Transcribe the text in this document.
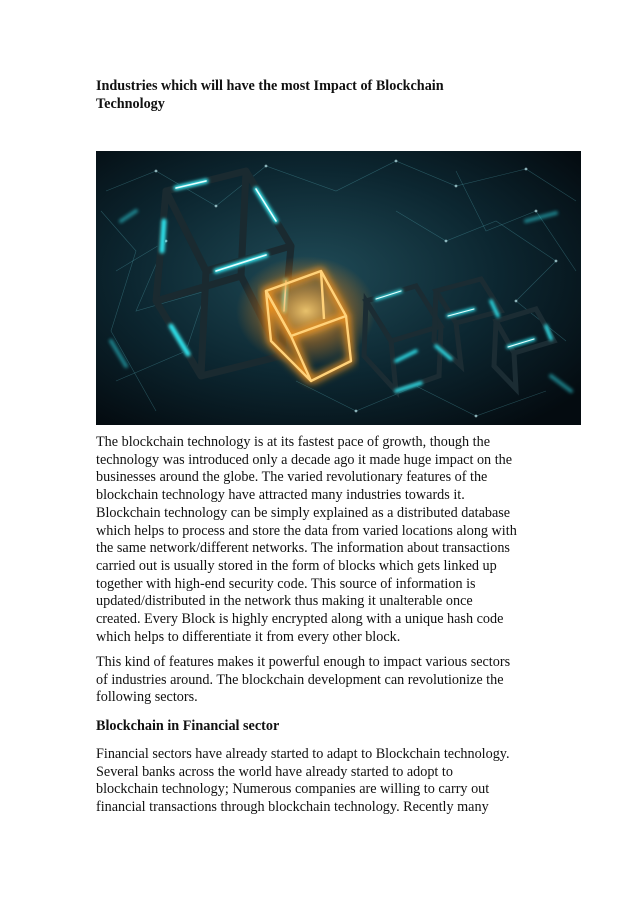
Industries which will have the most Impact of Blockchain
Technology

The blockchain technology is at its fastest pace of growth, though the
technology was introduced only a decade ago it made huge impact on the
businesses around the globe. The varied revolutionary features of the
blockchain technology have attracted many industries towards it.
Blockchain technology can be simply explained as a distributed database
which helps to process and store the data from varied locations along with
the same network/different networks. The information about transactions
carried out is usually stored in the form of blocks which gets linked up
together with high-end security code. This source of information is
updated/distributed in the network thus making it unalterable once
created. Every Block is highly encrypted along with a unique hash code
which helps to differentiate it from every other block.

This kind of features makes it powerful enough to impact various sectors
of industries around. The blockchain development can revolutionize the
following sectors.

Blockchain in Financial sector

Financial sectors have already started to adapt to Blockchain technology.
Several banks across the world have already started to adopt to
blockchain technology; Numerous companies are willing to carry out
financial transactions through blockchain technology. Recently many
